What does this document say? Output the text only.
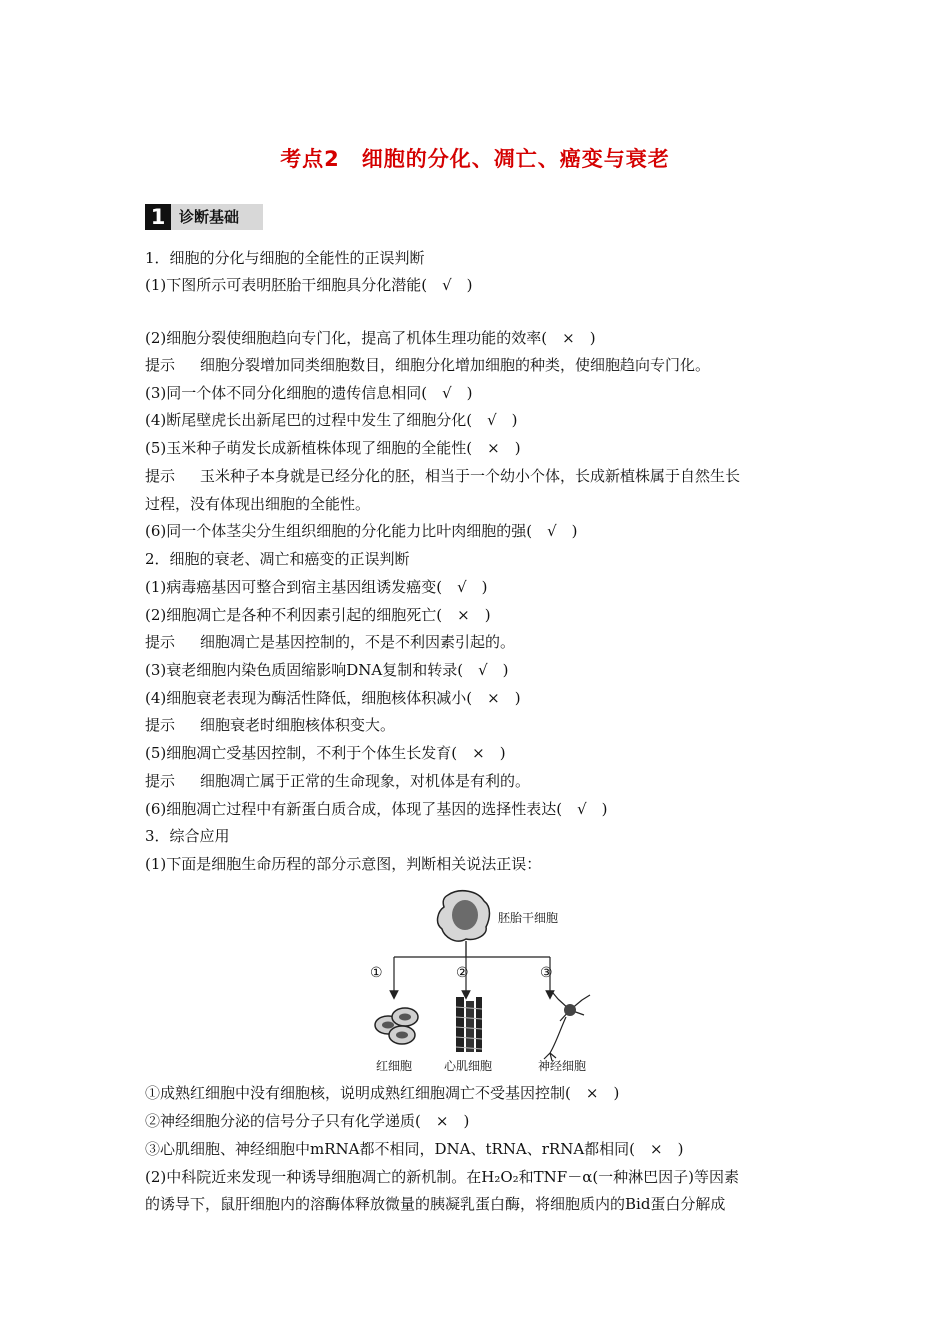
考点2　细胞的分化、凋亡、癌变与衰老
1 诊断基础
1．细胞的分化与细胞的全能性的正误判断
(1)下图所示可表明胚胎干细胞具分化潜能(　√　)
(2)细胞分裂使细胞趋向专门化，提高了机体生理功能的效率(　×　)
提示 细胞分裂增加同类细胞数目，细胞分化增加细胞的种类，使细胞趋向专门化。
(3)同一个体不同分化细胞的遗传信息相同(　√　)
(4)断尾壁虎长出新尾巴的过程中发生了细胞分化(　√　)
(5)玉米种子萌发长成新植株体现了细胞的全能性(　×　)
提示 玉米种子本身就是已经分化的胚，相当于一个幼小个体，长成新植株属于自然生长
过程，没有体现出细胞的全能性。
(6)同一个体茎尖分生组织细胞的分化能力比叶肉细胞的强(　√　)
2．细胞的衰老、凋亡和癌变的正误判断
(1)病毒癌基因可整合到宿主基因组诱发癌变(　√　)
(2)细胞凋亡是各种不利因素引起的细胞死亡(　×　)
提示 细胞凋亡是基因控制的，不是不利因素引起的。
(3)衰老细胞内染色质固缩影响DNA复制和转录(　√　)
(4)细胞衰老表现为酶活性降低，细胞核体积减小(　×　)
提示 细胞衰老时细胞核体积变大。
(5)细胞凋亡受基因控制，不利于个体生长发育(　×　)
提示 细胞凋亡属于正常的生命现象，对机体是有利的。
(6)细胞凋亡过程中有新蛋白质合成，体现了基因的选择性表达(　√　)
3．综合应用
(1)下面是细胞生命历程的部分示意图，判断相关说法正误：
胚胎干细胞
①	②	③
红细胞	心肌细胞	神经细胞
①成熟红细胞中没有细胞核，说明成熟红细胞凋亡不受基因控制(　×　)
②神经细胞分泌的信号分子只有化学递质(　×　)
③心肌细胞、神经细胞中mRNA都不相同，DNA、tRNA、rRNA都相同(　×　)
(2)中科院近来发现一种诱导细胞凋亡的新机制。在H₂O₂和TNF－α(一种淋巴因子)等因素
的诱导下，鼠肝细胞内的溶酶体释放微量的胰凝乳蛋白酶，将细胞质内的Bid蛋白分解成
